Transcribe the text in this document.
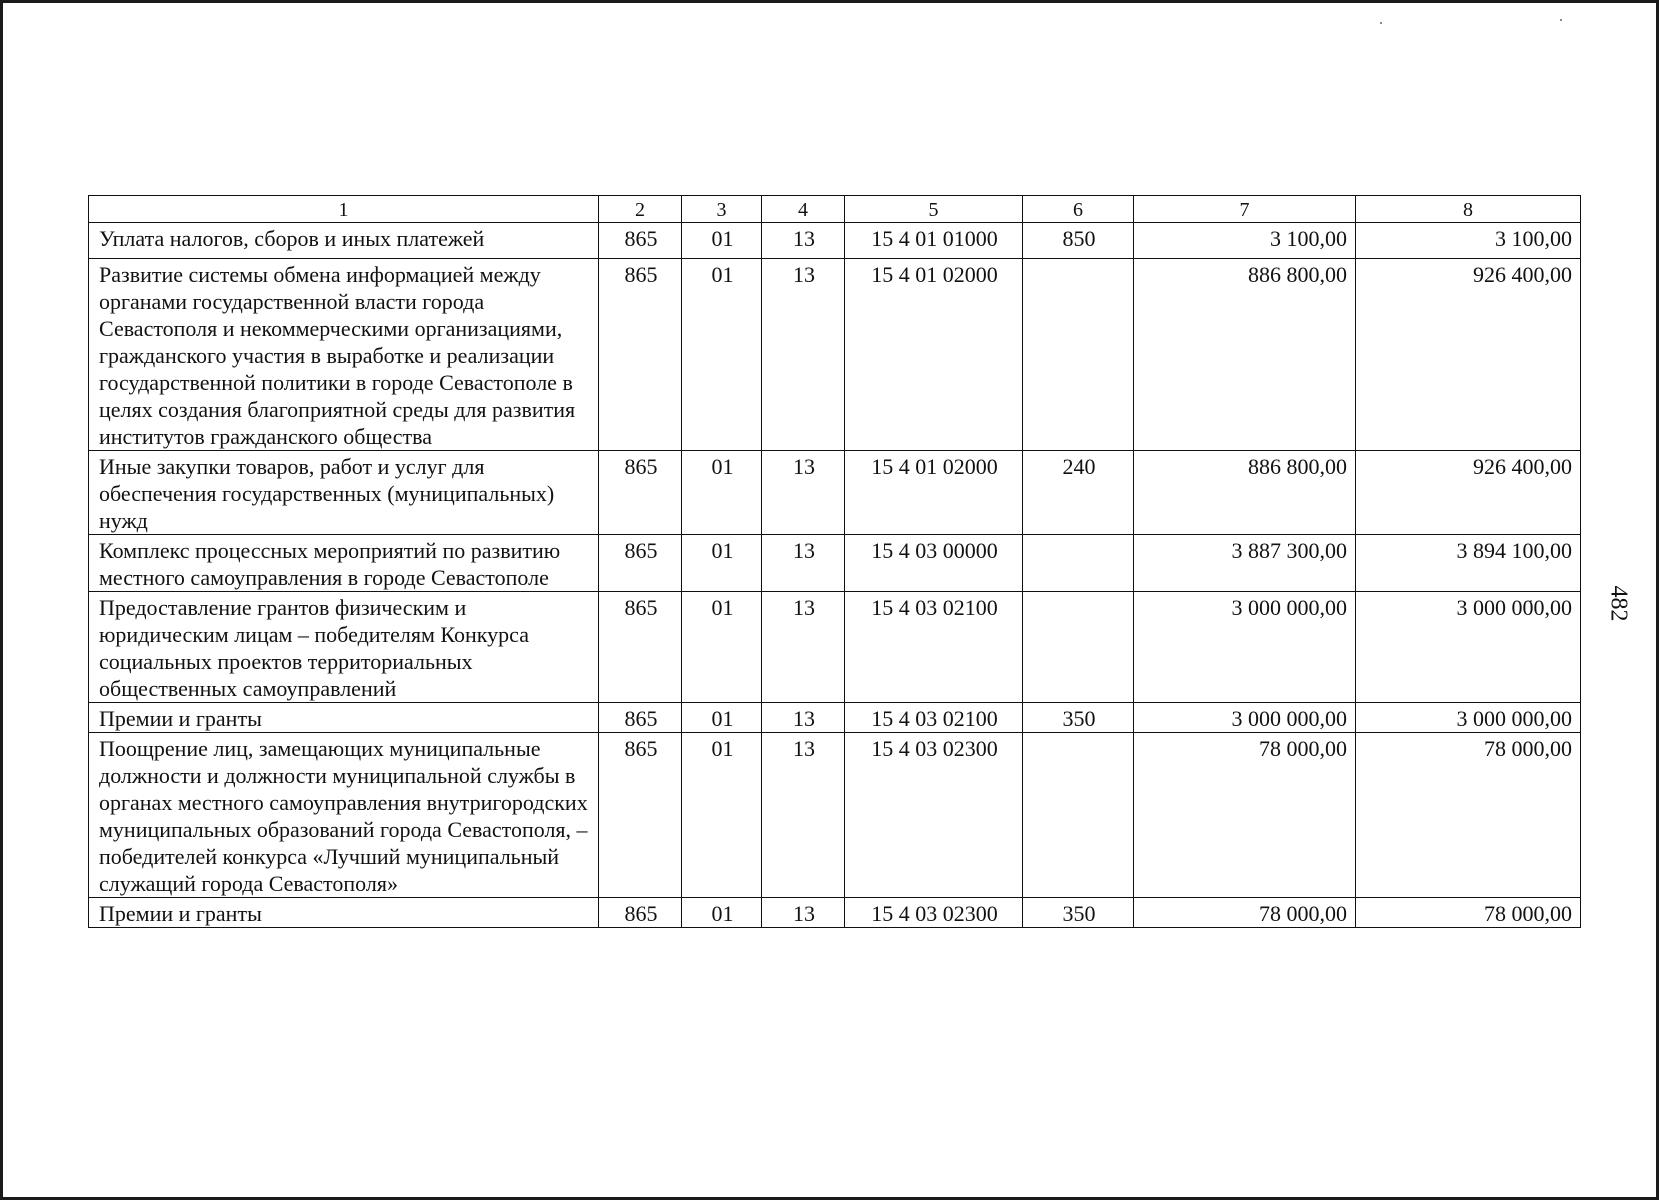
1	2	3	4	5	6	7	8
Уплата налогов, сборов и иных платежей	865	01	13	15 4 01 01000	850	3 100,00	3 100,00
Развитие системы обмена информацией между органами государственной власти города Севастополя и некоммерческими организациями, гражданского участия в выработке и реализации государственной политики в городе Севастополе в целях создания благоприятной среды для развития институтов гражданского общества	865	01	13	15 4 01 02000		886 800,00	926 400,00
Иные закупки товаров, работ и услуг для обеспечения государственных (муниципальных) нужд	865	01	13	15 4 01 02000	240	886 800,00	926 400,00
Комплекс процессных мероприятий по развитию местного самоуправления в городе Севастополе	865	01	13	15 4 03 00000		3 887 300,00	3 894 100,00
Предоставление грантов физическим и юридическим лицам – победителям Конкурса социальных проектов территориальных общественных самоуправлений	865	01	13	15 4 03 02100		3 000 000,00	3 000 000,00
Премии и гранты	865	01	13	15 4 03 02100	350	3 000 000,00	3 000 000,00
Поощрение лиц, замещающих муниципальные должности и должности муниципальной службы в органах местного самоуправления внутригородских муниципальных образований города Севастополя, – победителей конкурса «Лучший муниципальный служащий города Севастополя»	865	01	13	15 4 03 02300		78 000,00	78 000,00
Премии и гранты	865	01	13	15 4 03 02300	350	78 000,00	78 000,00
482
